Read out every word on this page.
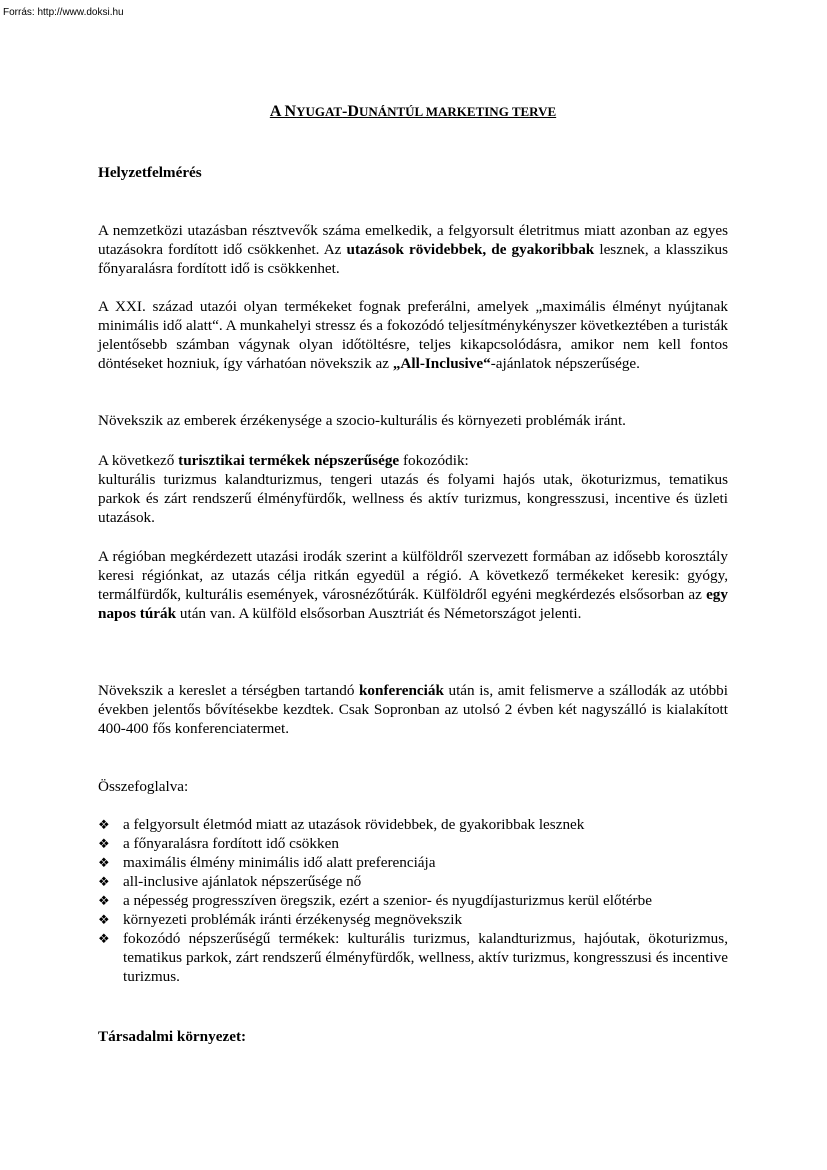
Forrás: http://www.doksi.hu
A NYUGAT-DUNÁNTÚL MARKETING TERVE
Helyzetfelmérés

A nemzetközi utazásban résztvevők száma emelkedik, a felgyorsult életritmus miatt azonban az egyes utazásokra fordított idő csökkenhet. Az utazások rövidebbek, de gyakoribbak lesznek, a klasszikus főnyaralásra fordított idő is csökkenhet.

A XXI. század utazói olyan termékeket fognak preferálni, amelyek „maximális élményt nyújtanak minimális idő alatt“. A munkahelyi stressz és a fokozódó teljesítménykényszer következtében a turisták jelentősebb számban vágynak olyan időtöltésre, teljes kikapcsolódásra, amikor nem kell fontos döntéseket hozniuk, így várhatóan növekszik az „All-Inclusive“-ajánlatok népszerűsége.

Növekszik az emberek érzékenysége a szocio-kulturális és környezeti problémák iránt.

A következő turisztikai termékek népszerűsége fokozódik:
kulturális turizmus kalandturizmus, tengeri utazás és folyami hajós utak, ökoturizmus, tematikus parkok és zárt rendszerű élményfürdők, wellness és aktív turizmus, kongresszusi, incentive és üzleti utazások.

A régióban megkérdezett utazási irodák szerint a külföldről szervezett formában az idősebb korosztály keresi régiónkat, az utazás célja ritkán egyedül a régió. A következő termékeket keresik: gyógy, termálfürdők, kulturális események, városnézőtúrák. Külföldről egyéni megkérdezés elsősorban az egy napos túrák után van. A külföld elsősorban Ausztriát és Németországot jelenti.

Növekszik a kereslet a térségben tartandó konferenciák után is, amit felismerve a szállodák az utóbbi években jelentős bővítésekbe kezdtek. Csak Sopronban az utolsó 2 évben két nagyszálló is kialakított 400-400 fős konferenciatermet.

Összefoglalva:

❖ a felgyorsult életmód miatt az utazások rövidebbek, de gyakoribbak lesznek
❖ a főnyaralásra fordított idő csökken
❖ maximális élmény minimális idő alatt preferenciája
❖ all-inclusive ajánlatok népszerűsége nő
❖ a népesség progresszíven öregszik, ezért a szenior- és nyugdíjasturizmus kerül előtérbe
❖ környezeti problémák iránti érzékenység megnövekszik
❖ fokozódó népszerűségű termékek: kulturális turizmus, kalandturizmus, hajóutak, ökoturizmus, tematikus parkok, zárt rendszerű élményfürdők, wellness, aktív turizmus, kongresszusi és incentive turizmus.
Társadalmi környezet:
